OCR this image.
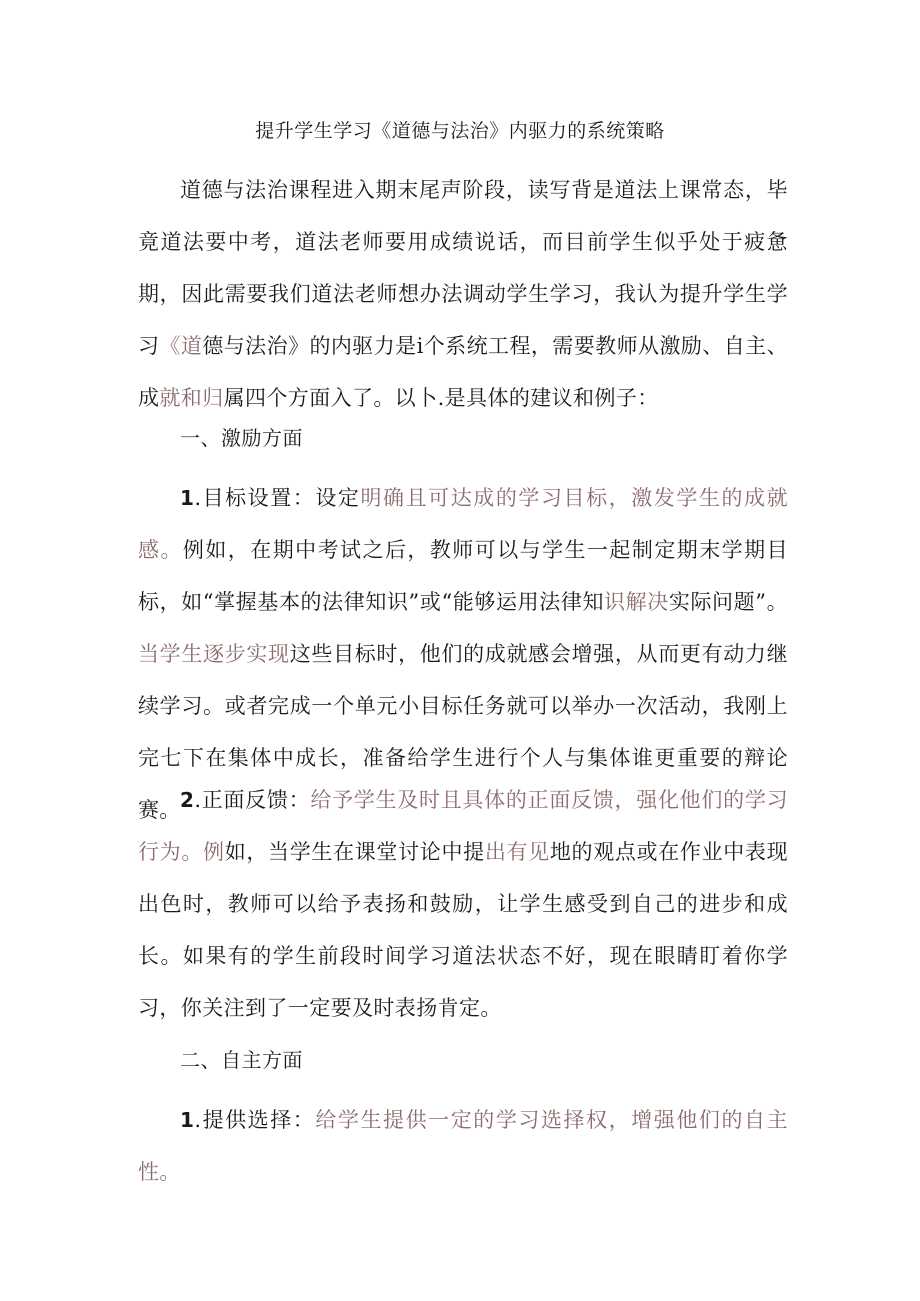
提升学生学习《道德与法治》内驱力的系统策略

道德与法治课程进入期末尾声阶段，读写背是道法上课常态，毕竟道法要中考，道法老师要用成绩说话，而目前学生似乎处于疲惫期，因此需要我们道法老师想办法调动学生学习，我认为提升学生学习《道德与法治》的内驱力是i个系统工程，需要教师从激励、自主、成就和归属四个方面入了。以卜.是具体的建议和例子：

一、激励方面

1.目标设置：设定明确且可达成的学习目标，激发学生的成就感。例如，在期中考试之后，教师可以与学生一起制定期末学期目标，如“掌握基本的法律知识”或“能够运用法律知识解决实际问题”。当学生逐步实现这些目标时，他们的成就感会增强，从而更有动力继续学习。或者完成一个单元小目标任务就可以举办一次活动，我刚上完七下在集体中成长，准备给学生进行个人与集体谁更重要的辩论赛。 2.正面反馈：给予学生及时且具体的正面反馈，强化他们的学习行为。例如，当学生在课堂讨论中提出有见地的观点或在作业中表现出色时，教师可以给予表扬和鼓励，让学生感受到自己的进步和成长。如果有的学生前段时间学习道法状态不好，现在眼睛盯着你学习，你关注到了一定要及时表扬肯定。

二、自主方面

1.提供选择：给学生提供一定的学习选择权，增强他们的自主性。
